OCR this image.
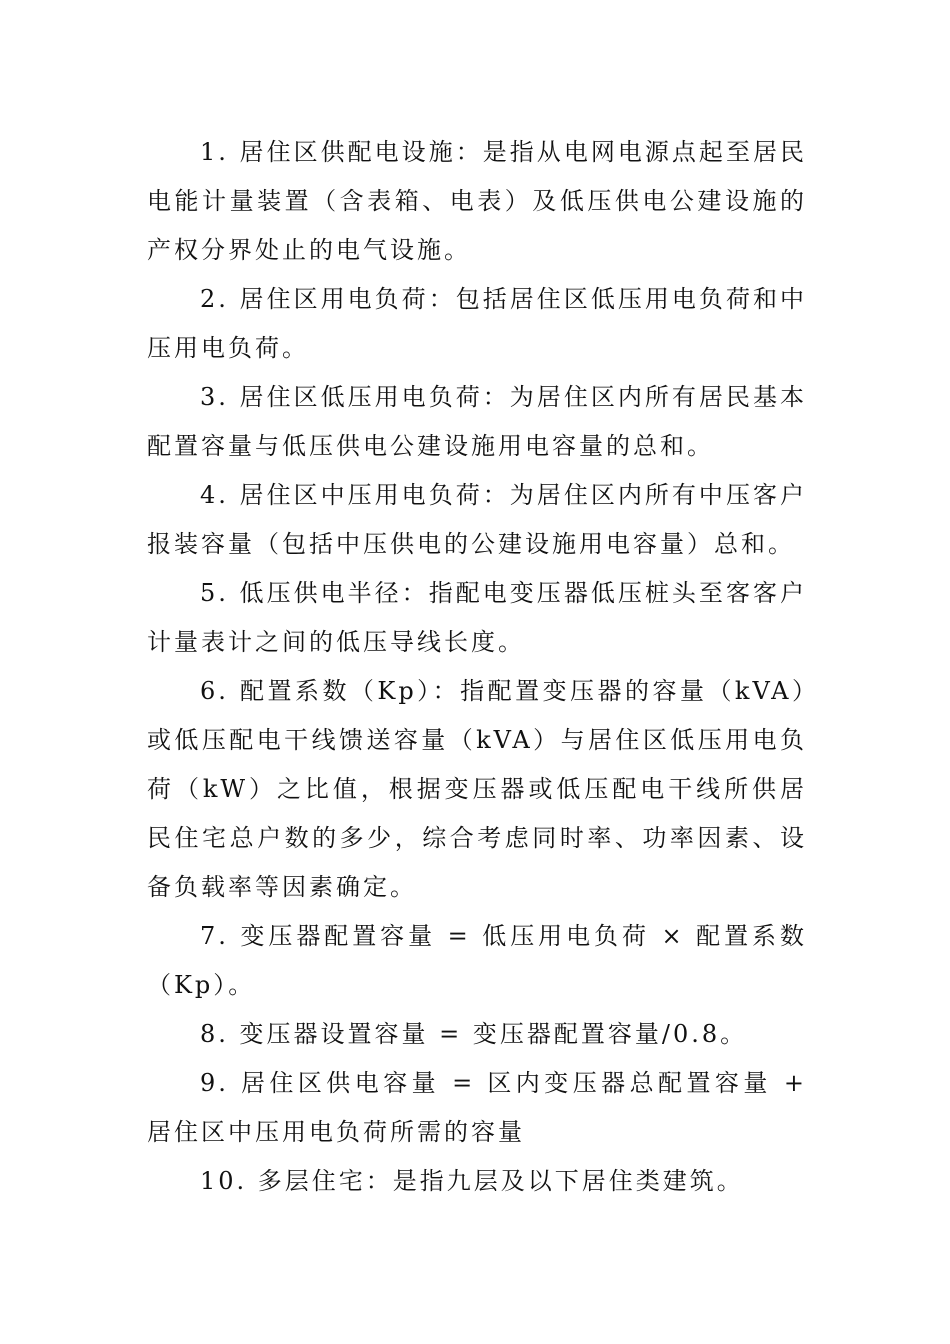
1. 居住区供配电设施：是指从电网电源点起至居民电能计量装置（含表箱、电表）及低压供电公建设施的产权分界处止的电气设施。

2. 居住区用电负荷：包括居住区低压用电负荷和中压用电负荷。

3. 居住区低压用电负荷：为居住区内所有居民基本配置容量与低压供电公建设施用电容量的总和。

4. 居住区中压用电负荷：为居住区内所有中压客户报装容量（包括中压供电的公建设施用电容量）总和。

5. 低压供电半径：指配电变压器低压桩头至客客户计量表计之间的低压导线长度。

6. 配置系数（Kp）：指配置变压器的容量（kVA）或低压配电干线馈送容量（kVA）与居住区低压用电负荷（kW）之比值，根据变压器或低压配电干线所供居民住宅总户数的多少，综合考虑同时率、功率因素、设备负载率等因素确定。

7. 变压器配置容量 = 低压用电负荷 × 配置系数（Kp）。

8. 变压器设置容量 = 变压器配置容量/0.8。

9. 居住区供电容量 = 区内变压器总配置容量 + 居住区中压用电负荷所需的容量

10. 多层住宅：是指九层及以下居住类建筑。
